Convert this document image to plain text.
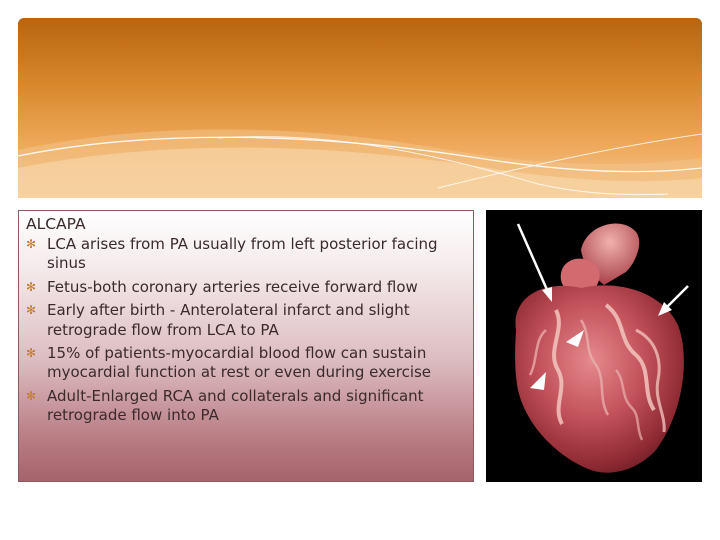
ALCAPA
✻ LCA arises from PA usually from left posterior facing sinus
✻ Fetus-both coronary arteries receive forward flow
✻ Early after birth - Anterolateral infarct and slight retrograde flow from LCA to PA
✻ 15% of patients-myocardial blood flow can sustain myocardial function at rest or even during exercise
✻ Adult-Enlarged RCA and collaterals and significant retrograde flow into PA
